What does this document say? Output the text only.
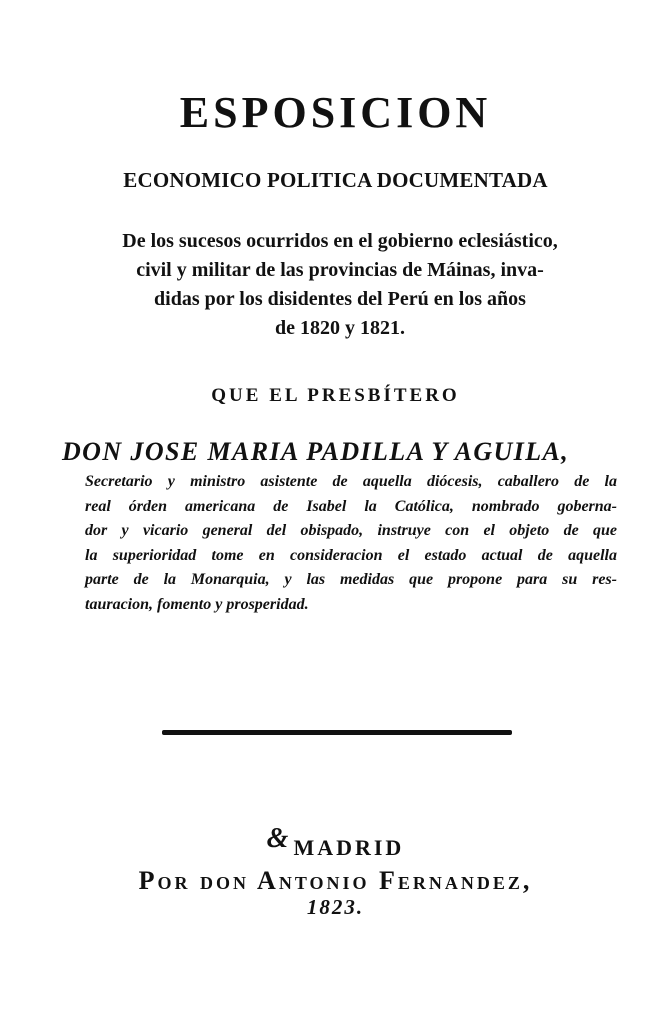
ESPOSICION
ECONOMICO POLITICA DOCUMENTADA
De los sucesos ocurridos en el gobierno eclesiástico,
civil y militar de las provincias de Máinas, inva-
didas por los disidentes del Perú en los años
de 1820 y 1821.
QUE EL PRESBÍTERO
DON JOSE MARIA PADILLA Y AGUILA,
Secretario y ministro asistente de aquella diócesis, caballero de la
real órden americana de Isabel la Católica, nombrado goberna-
dor y vicario general del obispado, instruye con el objeto de que
la superioridad tome en consideracion el estado actual de aquella
parte de la Monarquia, y las medidas que propone para su res-
tauracion, fomento y prosperidad.
&MADRID
Por don Antonio Fernandez,
1823.
